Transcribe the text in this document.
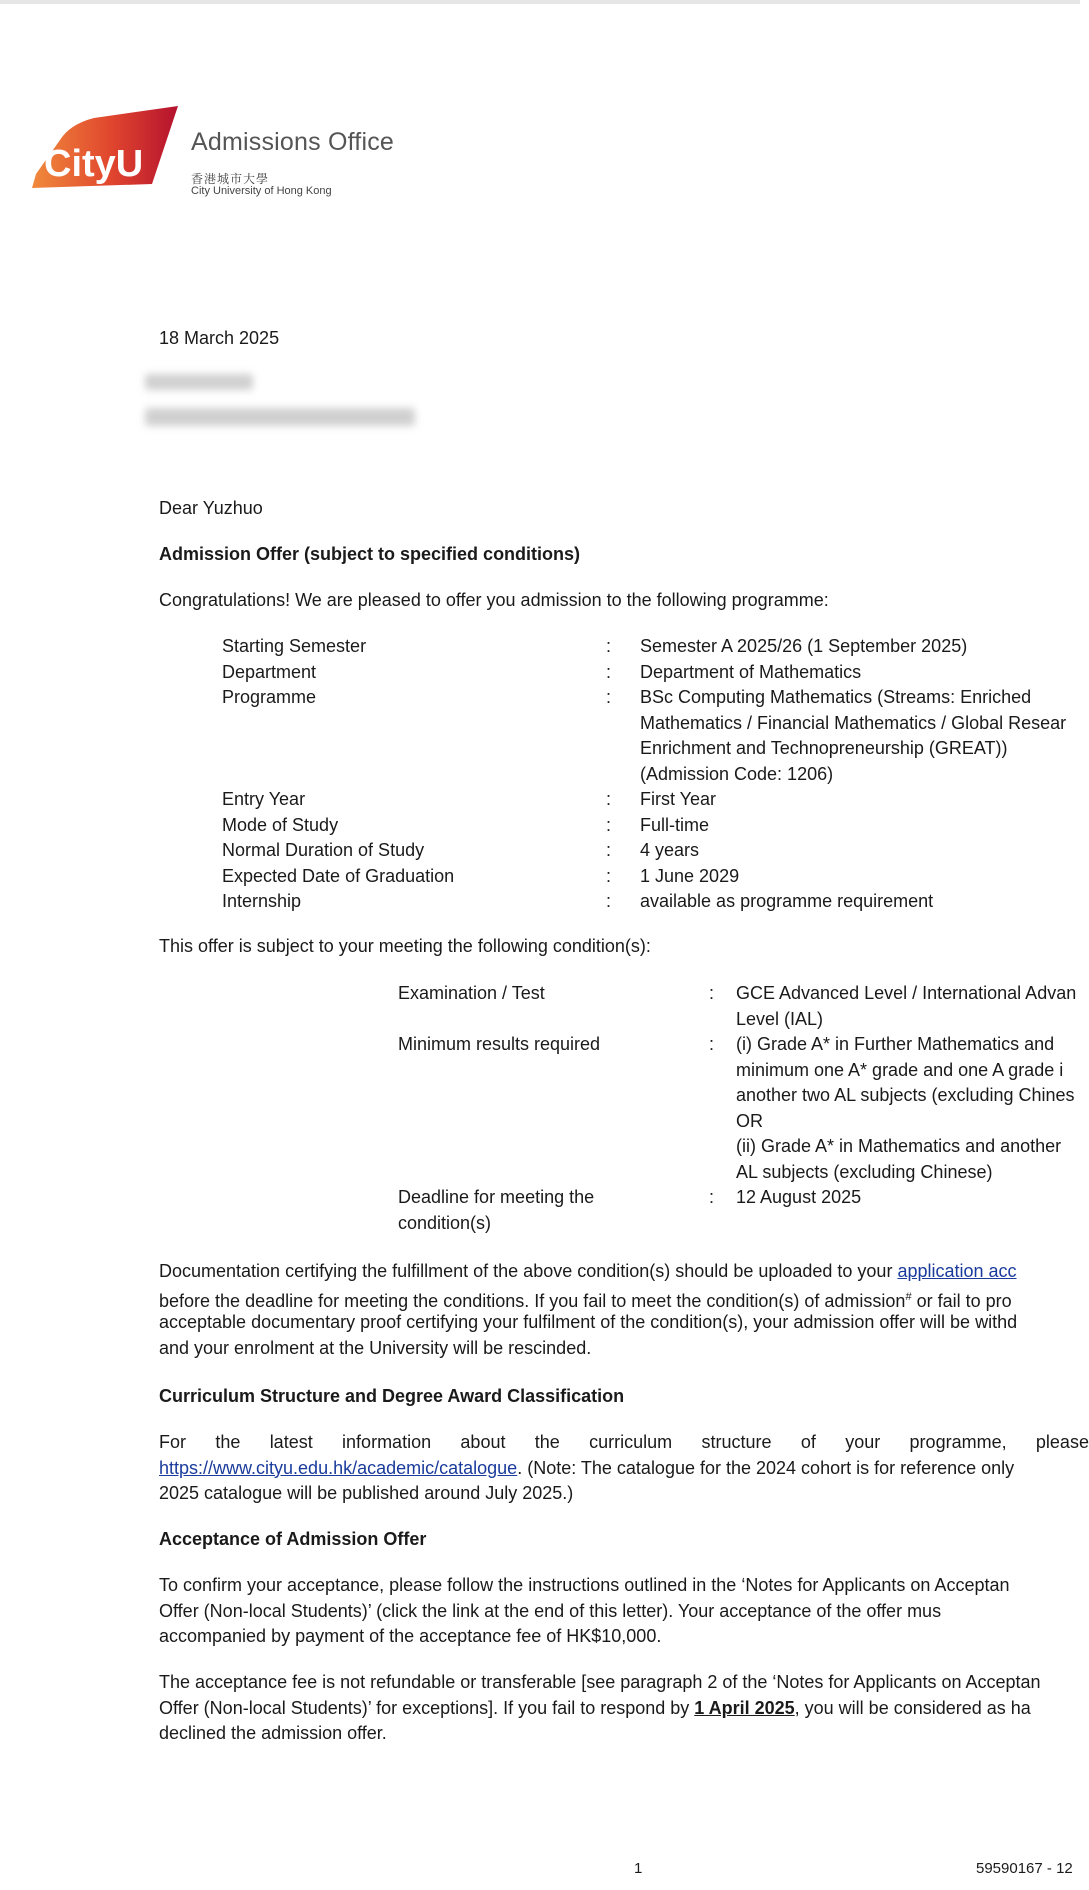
CityU
Admissions Office
香港城市大學
City University of Hong Kong
18 March 2025
Dear Yuzhuo
Admission Offer (subject to specified conditions)
Congratulations! We are pleased to offer you admission to the following programme:
Starting Semester	: Semester A 2025/26 (1 September 2025)
Department	: Department of Mathematics
Programme	: BSc Computing Mathematics (Streams: Enriched
Mathematics / Financial Mathematics / Global Resear
Enrichment and Technopreneurship (GREAT))
(Admission Code: 1206)
Entry Year	: First Year
Mode of Study	: Full-time
Normal Duration of Study	: 4 years
Expected Date of Graduation	: 1 June 2029
Internship	: available as programme requirement
This offer is subject to your meeting the following condition(s):
Examination / Test	: GCE Advanced Level / International Advan
Level (IAL)
Minimum results required	: (i) Grade A* in Further Mathematics and
minimum one A* grade and one A grade i
another two AL subjects (excluding Chines
OR
(ii) Grade A* in Mathematics and another
AL subjects (excluding Chinese)
Deadline for meeting the	: 12 August 2025
condition(s)
Documentation certifying the fulfillment of the above condition(s) should be uploaded to your application acc
before the deadline for meeting the conditions. If you fail to meet the condition(s) of admission# or fail to pro
acceptable documentary proof certifying your fulfilment of the condition(s), your admission offer will be withd
and your enrolment at the University will be rescinded.
Curriculum Structure and Degree Award Classification
For the latest information about the curriculum structure of your programme, please
https://www.cityu.edu.hk/academic/catalogue. (Note: The catalogue for the 2024 cohort is for reference only
2025 catalogue will be published around July 2025.)
Acceptance of Admission Offer
To confirm your acceptance, please follow the instructions outlined in the ‘Notes for Applicants on Acceptan
Offer (Non-local Students)’ (click the link at the end of this letter). Your acceptance of the offer mus
accompanied by payment of the acceptance fee of HK$10,000.
The acceptance fee is not refundable or transferable [see paragraph 2 of the ‘Notes for Applicants on Acceptan
Offer (Non-local Students)’ for exceptions]. If you fail to respond by 1 April 2025, you will be considered as ha
declined the admission offer.
1	59590167 - 12
